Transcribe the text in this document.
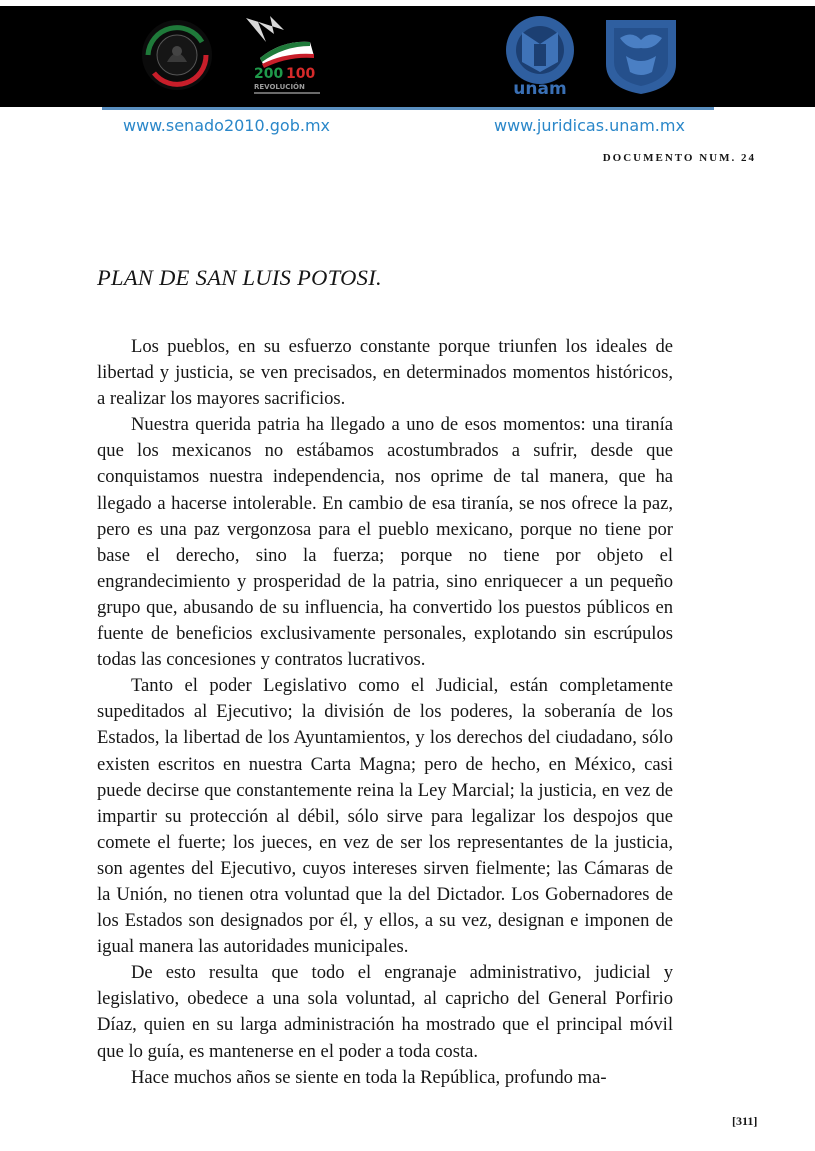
200 100
REVOLUCIÓN	unam
www.senado2010.gob.mx	www.juridicas.unam.mx
DOCUMENTO NUM. 24
PLAN DE SAN LUIS POTOSI.

Los pueblos, en su esfuerzo constante porque triunfen los ideales de libertad y justicia, se ven precisados, en determinados momentos históricos, a realizar los mayores sacrificios.

Nuestra querida patria ha llegado a uno de esos momentos: una tiranía que los mexicanos no estábamos acostumbrados a sufrir, desde que conquistamos nuestra independencia, nos oprime de tal manera, que ha llegado a hacerse intolerable. En cambio de esa tiranía, se nos ofrece la paz, pero es una paz vergonzosa para el pueblo mexicano, porque no tiene por base el derecho, sino la fuerza; porque no tiene por objeto el engrandecimiento y prosperidad de la patria, sino enriquecer a un pequeño grupo que, abusando de su influencia, ha convertido los puestos públicos en fuente de beneficios exclusivamente personales, explotando sin escrúpulos todas las concesiones y contratos lucrativos.

Tanto el poder Legislativo como el Judicial, están completamente supeditados al Ejecutivo; la división de los poderes, la soberanía de los Estados, la libertad de los Ayuntamientos, y los derechos del ciudadano, sólo existen escritos en nuestra Carta Magna; pero de hecho, en México, casi puede decirse que constantemente reina la Ley Marcial; la justicia, en vez de impartir su protección al débil, sólo sirve para legalizar los despojos que comete el fuerte; los jueces, en vez de ser los representantes de la justicia, son agentes del Ejecutivo, cuyos intereses sirven fielmente; las Cámaras de la Unión, no tienen otra voluntad que la del Dictador. Los Gobernadores de los Estados son designados por él, y ellos, a su vez, designan e imponen de igual manera las autoridades municipales.

De esto resulta que todo el engranaje administrativo, judicial y legislativo, obedece a una sola voluntad, al capricho del General Porfirio Díaz, quien en su larga administración ha mostrado que el principal móvil que lo guía, es mantenerse en el poder a toda costa.

Hace muchos años se siente en toda la República, profundo ma-

[311]
